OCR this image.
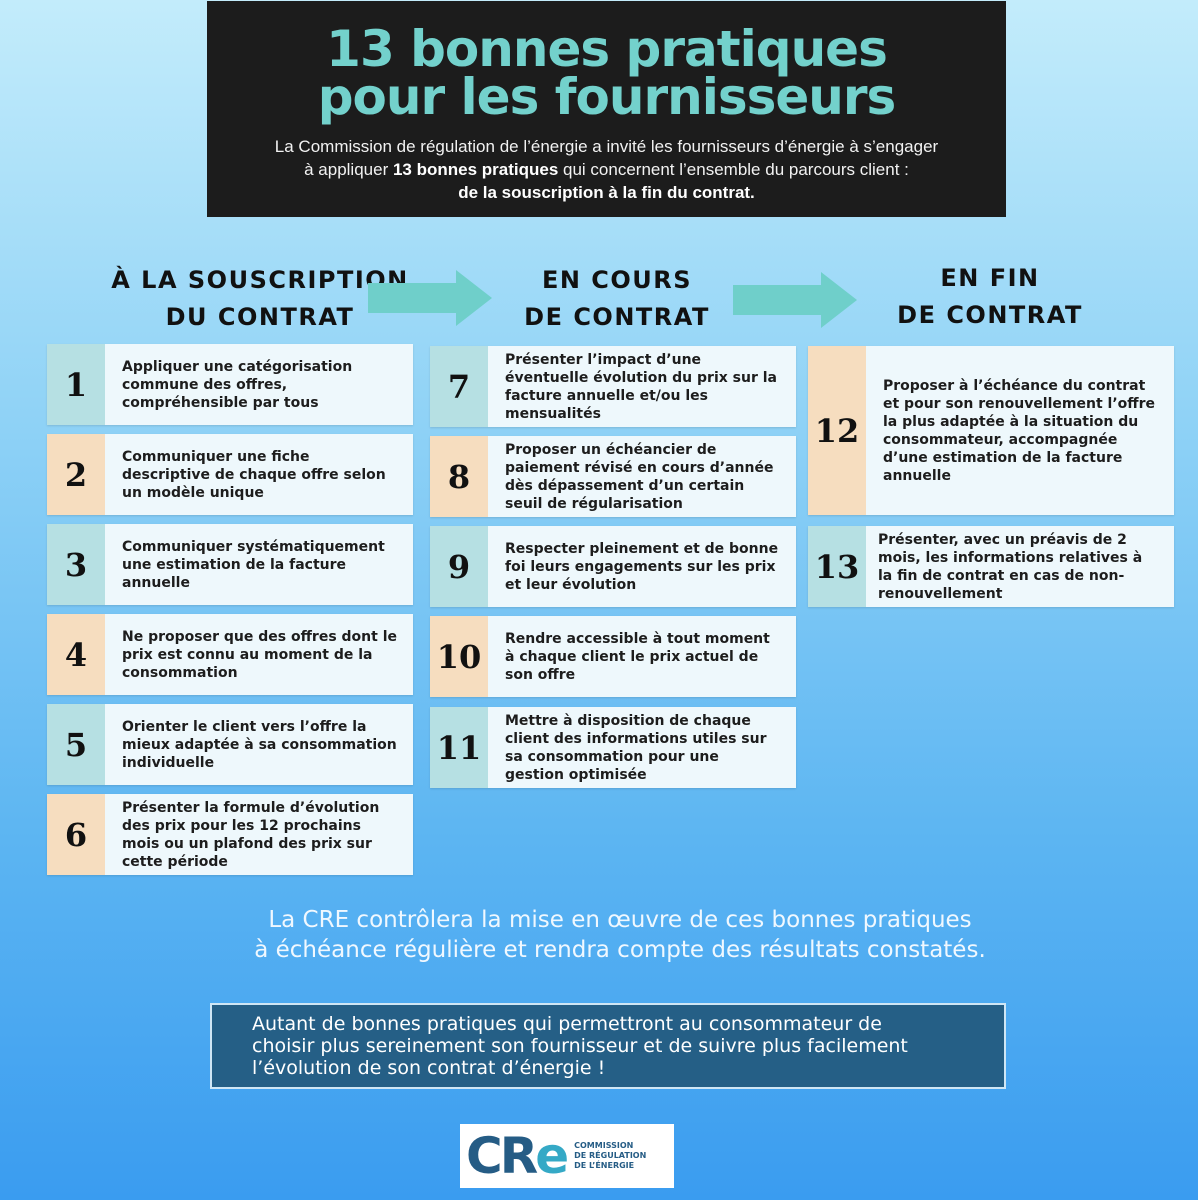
13 bonnes pratiques
pour les fournisseurs

La Commission de régulation de l’énergie a invité les fournisseurs d’énergie à s’engager
à appliquer 13 bonnes pratiques qui concernent l’ensemble du parcours client :
de la souscription à la fin du contrat.

À LA SOUSCRIPTION
DU CONTRAT
EN COURS
DE CONTRAT
EN FIN
DE CONTRAT
1	Appliquer une catégorisation commune des offres, compréhensible par tous
2	Communiquer une fiche descriptive de chaque offre selon un modèle unique
3	Communiquer systématiquement une estimation de la facture annuelle
4	Ne proposer que des offres dont le prix est connu au moment de la consommation
5	Orienter le client vers l’offre la mieux adaptée à sa consommation individuelle
6
Présenter la formule d’évolution des prix pour les 12 prochains mois ou un plafond des prix sur cette période
7
Présenter l’impact d’une éventuelle évolution du prix sur la facture annuelle et/ou les mensualités
8
Proposer un échéancier de paiement révisé en cours d’année dès dépassement d’un certain seuil de régularisation
9	Respecter pleinement et de bonne foi leurs engagements sur les prix et leur évolution
10	Rendre accessible à tout moment à chaque client le prix actuel de son offre
11
Mettre à disposition de chaque client des informations utiles sur sa consommation pour une gestion optimisée
12
Proposer à l’échéance du contrat et pour son renouvellement l’offre la plus adaptée à la situation du consommateur, accompagnée d’une estimation de la facture annuelle
13
Présenter, avec un préavis de 2 mois, les informations relatives à la fin de contrat en cas de non-renouvellement
La CRE contrôlera la mise en œuvre de ces bonnes pratiques
à échéance régulière et rendra compte des résultats constatés.
Autant de bonnes pratiques qui permettront au consommateur de
choisir plus sereinement son fournisseur et de suivre plus facilement
l’évolution de son contrat d’énergie !
CRe COMMISSION
DE RÉGULATION
DE L’ÉNERGIE
